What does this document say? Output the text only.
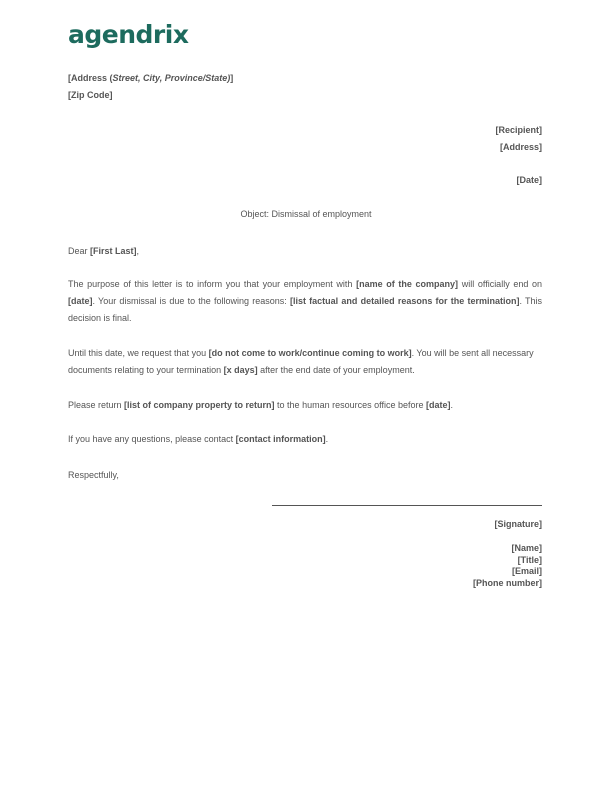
agendrix
[Address (Street, City, Province/State)]
[Zip Code]
[Recipient]
[Address]
[Date]
Object: Dismissal of employment
Dear [First Last],
The purpose of this letter is to inform you that your employment with [name of the company] will officially end on [date]. Your dismissal is due to the following reasons: [list factual and detailed reasons for the termination]. This decision is final.
Until this date, we request that you [do not come to work/continue coming to work]. You will be sent all necessary documents relating to your termination [x days] after the end date of your employment.
Please return [list of company property to return] to the human resources office before [date].
If you have any questions, please contact [contact information].
Respectfully,
[Signature]
[Name]
[Title]
[Email]
[Phone number]
